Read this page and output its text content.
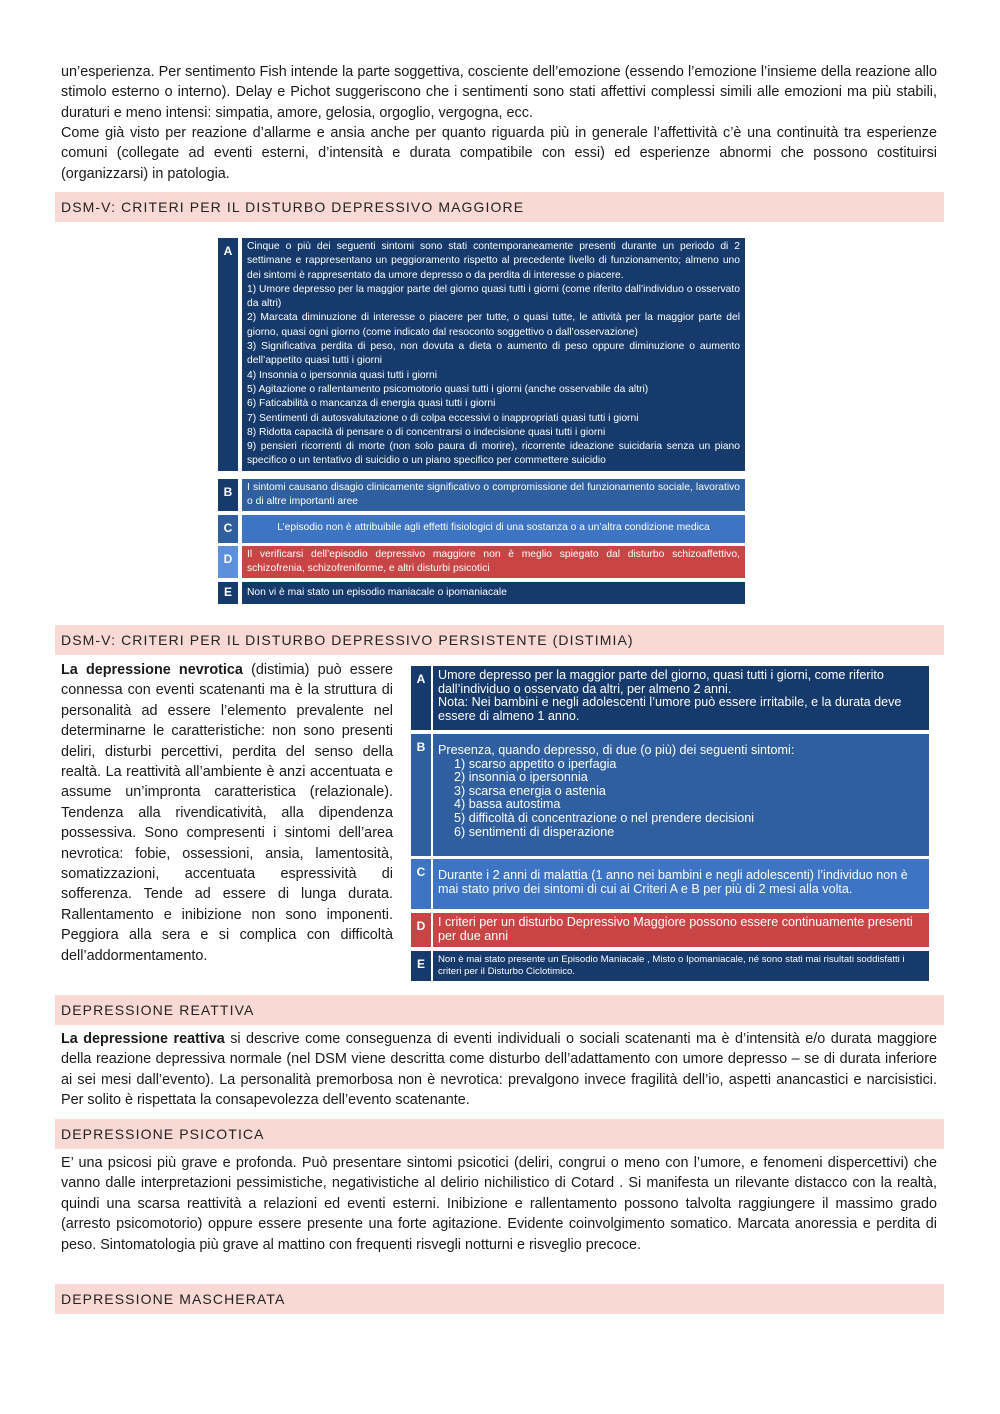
un’esperienza. Per sentimento Fish intende la parte soggettiva, cosciente dell’emozione (essendo l’emozione l’insieme della reazione allo stimolo esterno o interno). Delay e Pichot suggeriscono che i sentimenti sono stati affettivi complessi simili alle emozioni ma più stabili, duraturi e meno intensi: simpatia, amore, gelosia, orgoglio, vergogna, ecc.

Come già visto per reazione d’allarme e ansia anche per quanto riguarda più in generale l’affettività c’è una continuità tra esperienze comuni (collegate ad eventi esterni, d’intensità e durata compatibile con essi) ed esperienze abnormi che possono costituirsi (organizzarsi) in patologia.

DSM-V: CRITERI PER IL DISTURBO DEPRESSIVO MAGGIORE
A	Cinque o più dei seguenti sintomi sono stati contemporaneamente presenti durante un periodo di 2 settimane e rappresentano un peggioramento rispetto al precedente livello di funzionamento; almeno uno dei sintomi è rappresentato da umore depresso o da perdita di interesse o piacere.

1) Umore depresso per la maggior parte del giorno quasi tutti i giorni (come riferito dall’individuo o osservato da altri)

2) Marcata diminuzione di interesse o piacere per tutte, o quasi tutte, le attività per la maggior parte del giorno, quasi ogni giorno (come indicato dal resoconto soggettivo o dall’osservazione)

3) Significativa perdita di peso, non dovuta a dieta o aumento di peso oppure diminuzione o aumento dell’appetito quasi tutti i giorni

4) Insonnia o ipersonnia quasi tutti i giorni

5) Agitazione o rallentamento psicomotorio quasi tutti i giorni (anche osservabile da altri)

6) Faticabilità o mancanza di energia quasi tutti i giorni

7) Sentimenti di autosvalutazione o di colpa eccessivi o inappropriati quasi tutti i giorni

8) Ridotta capacità di pensare o di concentrarsi o indecisione quasi tutti i giorni

9) pensieri ricorrenti di morte (non solo paura di morire), ricorrente ideazione suicidaria senza un piano specifico o un tentativo di suicidio o un piano specifico per commettere suicidio

B	I sintomi causano disagio clinicamente significativo o compromissione del funzionamento sociale, lavorativo o di altre importanti aree
C	L’episodio non è attribuibile agli effetti fisiologici di una sostanza o a un’altra condizione medica
D	Il verificarsi dell’episodio depressivo maggiore non è meglio spiegato dal disturbo schizoaffettivo, schizofrenia, schizofreniforme, e altri disturbi psicotici
E	Non vi è mai stato un episodio maniacale o ipomaniacale
DSM-V: CRITERI PER IL DISTURBO DEPRESSIVO PERSISTENTE (DISTIMIA)

La depressione nevrotica (distimia) può essere connessa con eventi scatenanti ma è la struttura di personalità ad essere l’elemento prevalente nel determinarne le caratteristiche: non sono presenti deliri, disturbi percettivi, perdita del senso della realtà. La reattività all’ambiente è anzi accentuata e assume un’impronta caratteristica (relazionale). Tendenza alla rivendicatività, alla dipendenza possessiva. Sono compresenti i sintomi dell’area nevrotica: fobie, ossessioni, ansia, lamentosità, somatizzazioni, accentuata espressività di sofferenza. Tende ad essere di lunga durata. Rallentamento e inibizione non sono imponenti. Peggiora alla sera e si complica con difficoltà dell’addormentamento.

A	Umore depresso per la maggior parte del giorno, quasi tutti i giorni, come riferito dall’individuo o osservato da altri, per almeno 2 anni.

Nota: Nei bambini e negli adolescenti l’umore può essere irritabile, e la durata deve essere di almeno 1 anno.

B	Presenza, quando depresso, di due (o più) dei seguenti sintomi:

1) scarso appetito o iperfagia

2) insonnia o ipersonnia

3) scarsa energia o astenia

4) bassa autostima

5) difficoltà di concentrazione o nel prendere decisioni

6) sentimenti di disperazione

C	Durante i 2 anni di malattia (1 anno nei bambini e negli adolescenti) l’individuo non è mai stato privo dei sintomi di cui ai Criteri A e B per più di 2 mesi alla volta.
D	I criteri per un disturbo Depressivo Maggiore possono essere continuamente presenti per due anni
E	Non è mai stato presente un Episodio Maniacale , Misto o Ipomaniacale, né sono stati mai risultati soddisfatti i criteri per il Disturbo Ciclotimico.
DEPRESSIONE REATTIVA

La depressione reattiva si descrive come conseguenza di eventi individuali o sociali scatenanti ma è d’intensità e/o durata maggiore della reazione depressiva normale (nel DSM viene descritta come disturbo dell’adattamento con umore depresso – se di durata inferiore ai sei mesi dall’evento). La personalità premorbosa non è nevrotica: prevalgono invece fragilità dell’io, aspetti anancastici e narcisistici. Per solito è rispettata la consapevolezza dell’evento scatenante.

DEPRESSIONE PSICOTICA

E’ una psicosi più grave e profonda. Può presentare sintomi psicotici (deliri, congrui o meno con l’umore, e fenomeni dispercettivi) che vanno dalle interpretazioni pessimistiche, negativistiche al delirio nichilistico di Cotard . Si manifesta un rilevante distacco con la realtà, quindi una scarsa reattività a relazioni ed eventi esterni. Inibizione e rallentamento possono talvolta raggiungere il massimo grado (arresto psicomotorio) oppure essere presente una forte agitazione. Evidente coinvolgimento somatico. Marcata anoressia e perdita di peso. Sintomatologia più grave al mattino con frequenti risvegli notturni e risveglio precoce.

DEPRESSIONE MASCHERATA
